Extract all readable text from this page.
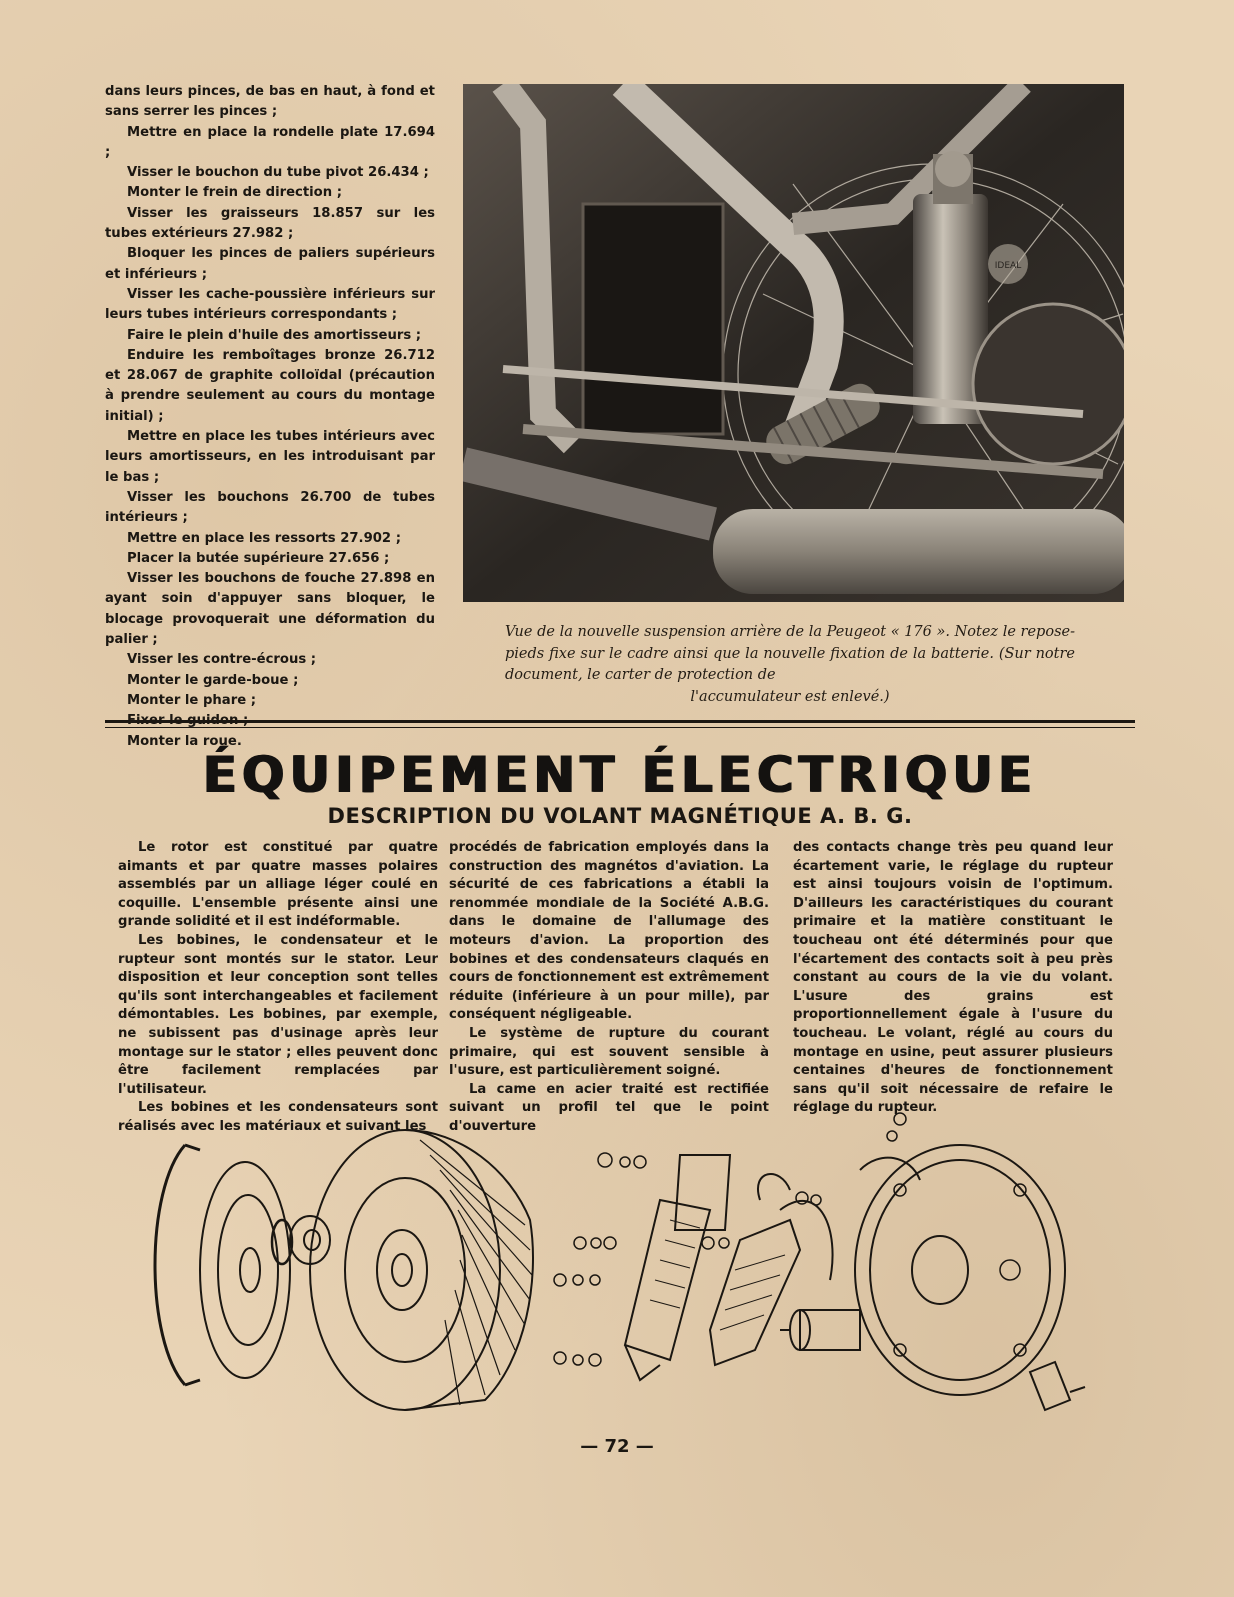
dans leurs pinces, de bas en haut, à fond et sans serrer les pinces ;

Mettre en place la rondelle plate 17.694 ;

Visser le bouchon du tube pivot 26.434 ;

Monter le frein de direction ;

Visser les graisseurs 18.857 sur les tubes extérieurs 27.982 ;

Bloquer les pinces de paliers supérieurs et inférieurs ;

Visser les cache-poussière inférieurs sur leurs tubes intérieurs correspondants ;

Faire le plein d'huile des amortisseurs ;

Enduire les remboîtages bronze 26.712 et 28.067 de graphite colloïdal (précaution à prendre seulement au cours du montage initial) ;

Mettre en place les tubes intérieurs avec leurs amortisseurs, en les introduisant par le bas ;

Visser les bouchons 26.700 de tubes intérieurs ;

Mettre en place les ressorts 27.902 ;

Placer la butée supérieure 27.656 ;

Visser les bouchons de fouche 27.898 en ayant soin d'appuyer sans bloquer, le blocage provoquerait une déformation du palier ;

Visser les contre-écrous ;

Monter le garde-boue ;

Monter le phare ;

Fixer le guidon ;

Monter la roue.

IDEAL
Vue de la nouvelle suspension arrière de la Peugeot « 176 ». Notez le repose-pieds fixe sur le cadre ainsi que la nouvelle fixation de la batterie. (Sur notre document, le carter de protection de
l'accumulateur est enlevé.)
ÉQUIPEMENT ÉLECTRIQUE
DESCRIPTION DU VOLANT MAGNÉTIQUE A. B. G.

Le rotor est constitué par quatre aimants et par quatre masses polaires assemblés par un alliage léger coulé en coquille. L'ensemble présente ainsi une grande solidité et il est indéformable.

Les bobines, le condensateur et le rupteur sont montés sur le stator. Leur disposition et leur conception sont telles qu'ils sont interchangeables et facilement démontables. Les bobines, par exemple, ne subissent pas d'usinage après leur montage sur le stator ; elles peuvent donc être facilement remplacées par l'utilisateur.

Les bobines et les condensateurs sont réalisés avec les matériaux et suivant les

procédés de fabrication employés dans la construction des magnétos d'aviation. La sécurité de ces fabrications a établi la renommée mondiale de la Société A.B.G. dans le domaine de l'allumage des moteurs d'avion. La proportion des bobines et des condensateurs claqués en cours de fonctionnement est extrêmement réduite (inférieure à un pour mille), par conséquent négligeable.

Le système de rupture du courant primaire, qui est souvent sensible à l'usure, est particulièrement soigné.

La came en acier traité est rectifiée suivant un profil tel que le point d'ouverture

des contacts change très peu quand leur écartement varie, le réglage du rupteur est ainsi toujours voisin de l'optimum. D'ailleurs les caractéristiques du courant primaire et la matière constituant le toucheau ont été déterminés pour que l'écartement des contacts soit à peu près constant au cours de la vie du volant. L'usure des grains est proportionnellement égale à l'usure du toucheau. Le volant, réglé au cours du montage en usine, peut assurer plusieurs centaines d'heures de fonctionnement sans qu'il soit nécessaire de refaire le réglage du rupteur.

— 72 —
